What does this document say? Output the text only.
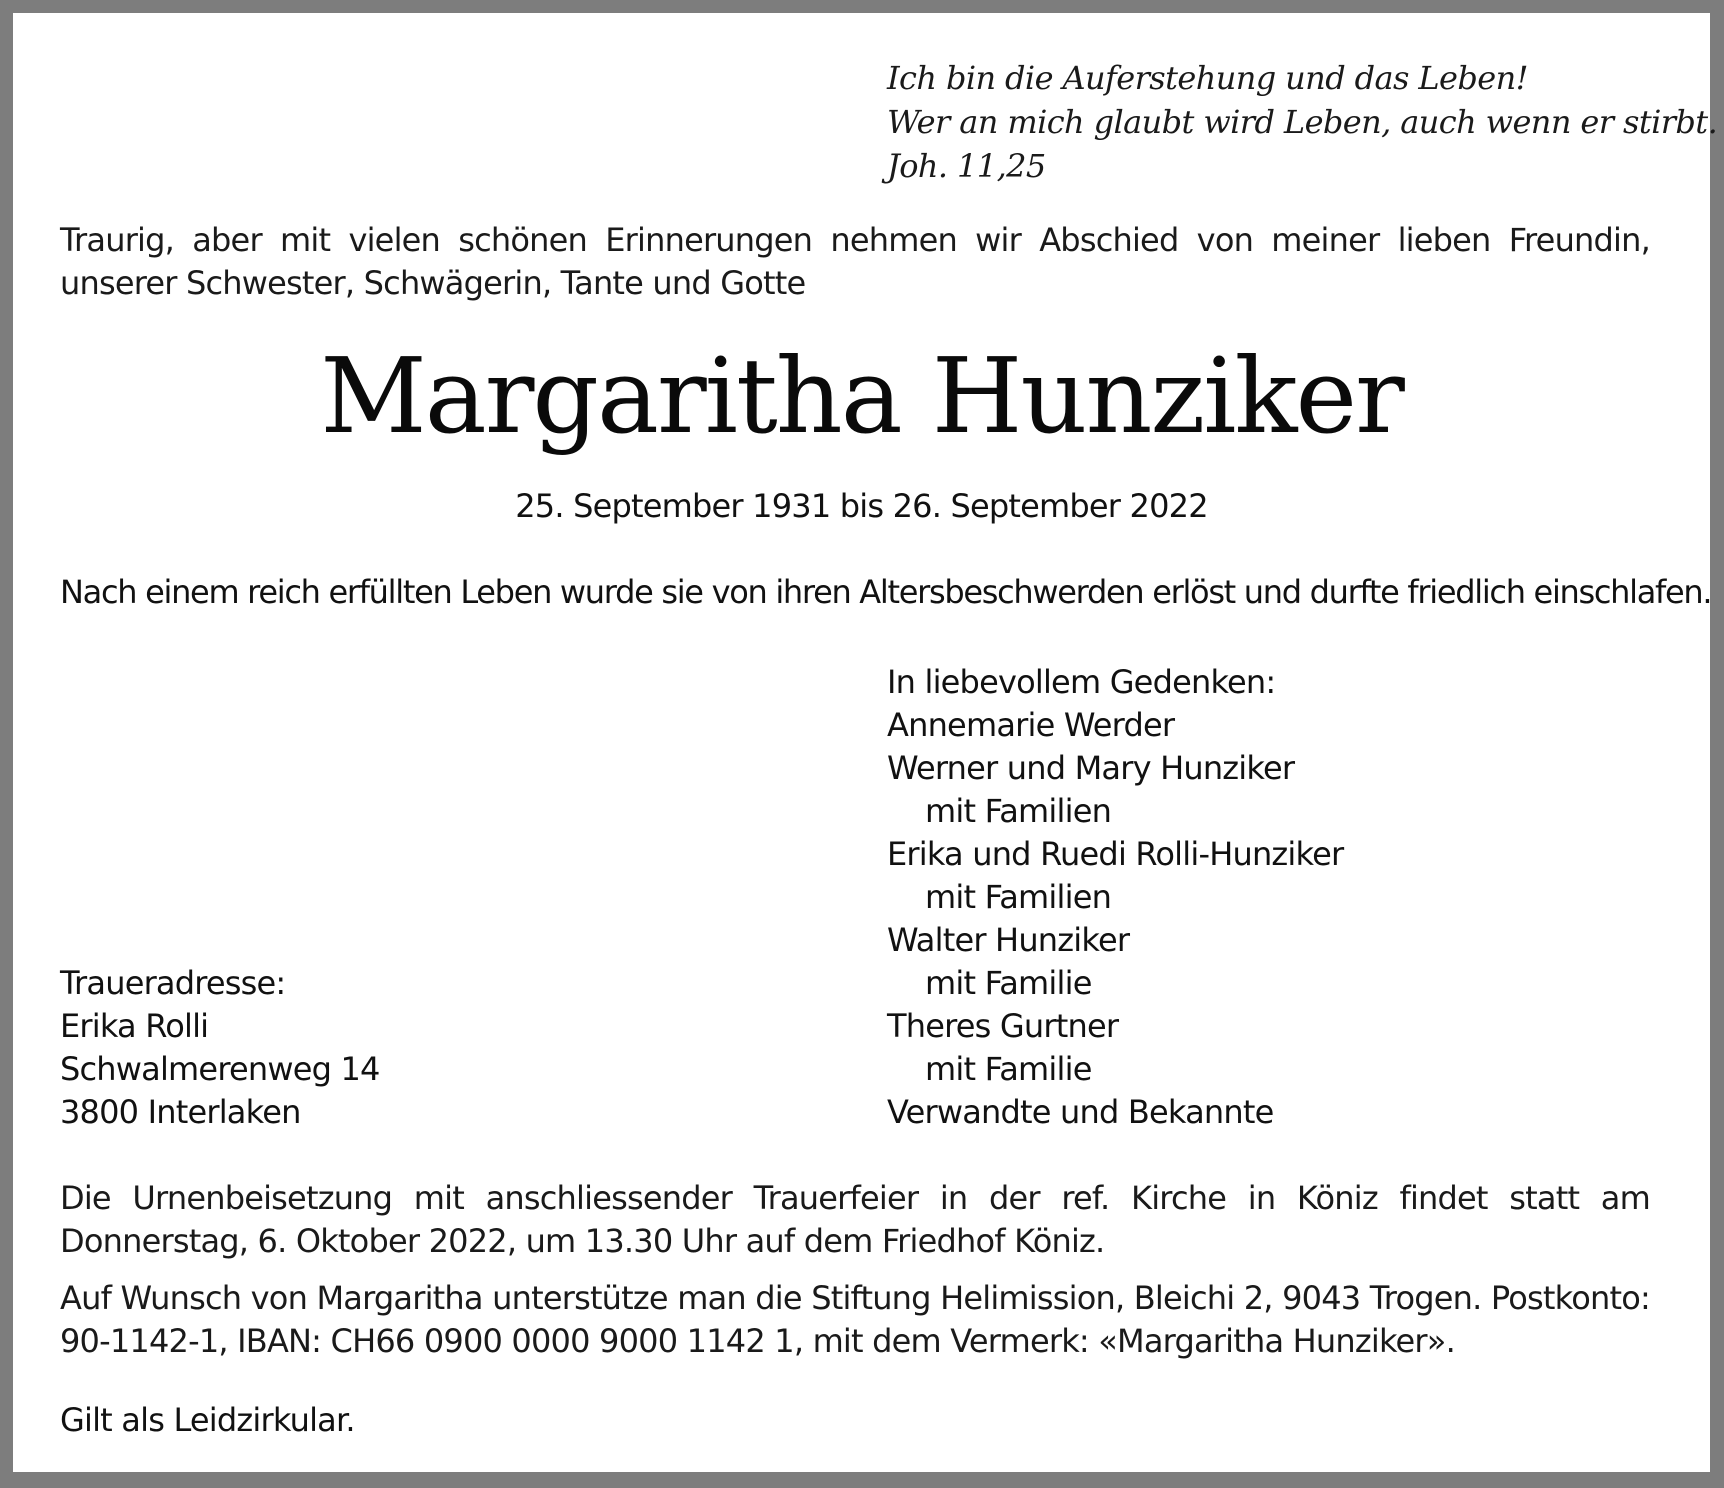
Ich bin die Auferstehung und das Leben!
Wer an mich glaubt wird Leben, auch wenn er stirbt.
Joh. 11,25
Traurig, aber mit vielen schönen Erinnerungen nehmen wir Abschied von meiner lieben Freundin, unserer Schwester, Schwägerin, Tante und Gotte
Margaritha Hunziker
25. September 1931 bis 26. September 2022
Nach einem reich erfüllten Leben wurde sie von ihren Altersbeschwerden erlöst und durfte friedlich einschlafen.
In liebevollem Gedenken:
Annemarie Werder
Werner und Mary Hunziker
mit Familien
Erika und Ruedi Rolli-Hunziker
mit Familien
Walter Hunziker
mit Familie
Theres Gurtner
mit Familie
Verwandte und Bekannte
Traueradresse:
Erika Rolli
Schwalmerenweg 14
3800 Interlaken
Die Urnenbeisetzung mit anschliessender Trauerfeier in der ref. Kirche in Köniz findet statt am Donnerstag, 6. Oktober 2022, um 13.30 Uhr auf dem Friedhof Köniz.
Auf Wunsch von Margaritha unterstütze man die Stiftung Helimission, Bleichi 2, 9043 Trogen. Postkonto: 90-1142-1, IBAN: CH66 0900 0000 9000 1142 1, mit dem Vermerk: «Margaritha Hunziker».
Gilt als Leidzirkular.
